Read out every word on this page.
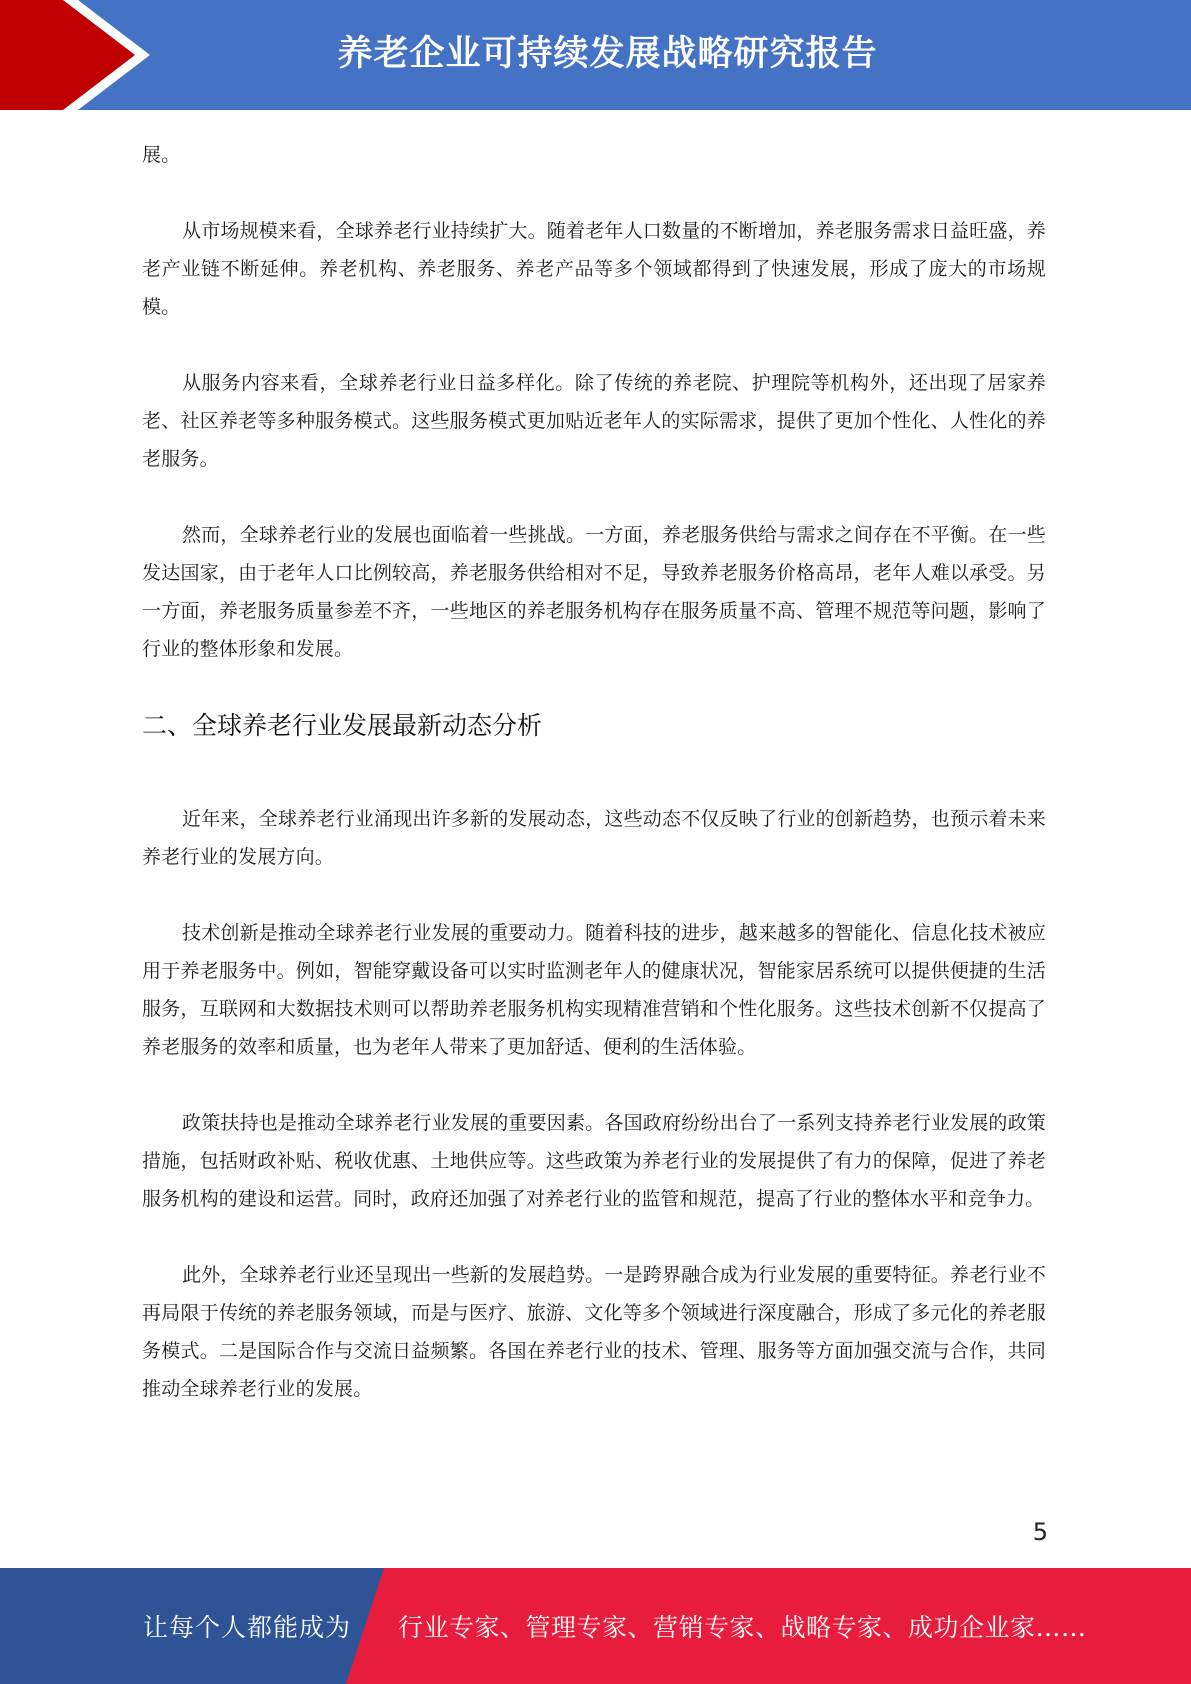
养老企业可持续发展战略研究报告

展。

从市场规模来看，全球养老行业持续扩大。随着老年人口数量的不断增加，养老服务需求日益旺盛，养老产业链不断延伸。养老机构、养老服务、养老产品等多个领域都得到了快速发展，形成了庞大的市场规模。

从服务内容来看，全球养老行业日益多样化。除了传统的养老院、护理院等机构外，还出现了居家养老、社区养老等多种服务模式。这些服务模式更加贴近老年人的实际需求，提供了更加个性化、人性化的养老服务。

然而，全球养老行业的发展也面临着一些挑战。一方面，养老服务供给与需求之间存在不平衡。在一些发达国家，由于老年人口比例较高，养老服务供给相对不足，导致养老服务价格高昂，老年人难以承受。另一方面，养老服务质量参差不齐，一些地区的养老服务机构存在服务质量不高、管理不规范等问题，影响了行业的整体形象和发展。

二、全球养老行业发展最新动态分析

近年来，全球养老行业涌现出许多新的发展动态，这些动态不仅反映了行业的创新趋势，也预示着未来养老行业的发展方向。

技术创新是推动全球养老行业发展的重要动力。随着科技的进步，越来越多的智能化、信息化技术被应用于养老服务中。例如，智能穿戴设备可以实时监测老年人的健康状况，智能家居系统可以提供便捷的生活服务，互联网和大数据技术则可以帮助养老服务机构实现精准营销和个性化服务。这些技术创新不仅提高了养老服务的效率和质量，也为老年人带来了更加舒适、便利的生活体验。

政策扶持也是推动全球养老行业发展的重要因素。各国政府纷纷出台了一系列支持养老行业发展的政策措施，包括财政补贴、税收优惠、土地供应等。这些政策为养老行业的发展提供了有力的保障，促进了养老服务机构的建设和运营。同时，政府还加强了对养老行业的监管和规范，提高了行业的整体水平和竞争力。

此外，全球养老行业还呈现出一些新的发展趋势。一是跨界融合成为行业发展的重要特征。养老行业不再局限于传统的养老服务领域，而是与医疗、旅游、文化等多个领域进行深度融合，形成了多元化的养老服务模式。二是国际合作与交流日益频繁。各国在养老行业的技术、管理、服务等方面加强交流与合作，共同推动全球养老行业的发展。

5
让每个人都能成为 行业专家、管理专家、营销专家、战略专家、成功企业家……
